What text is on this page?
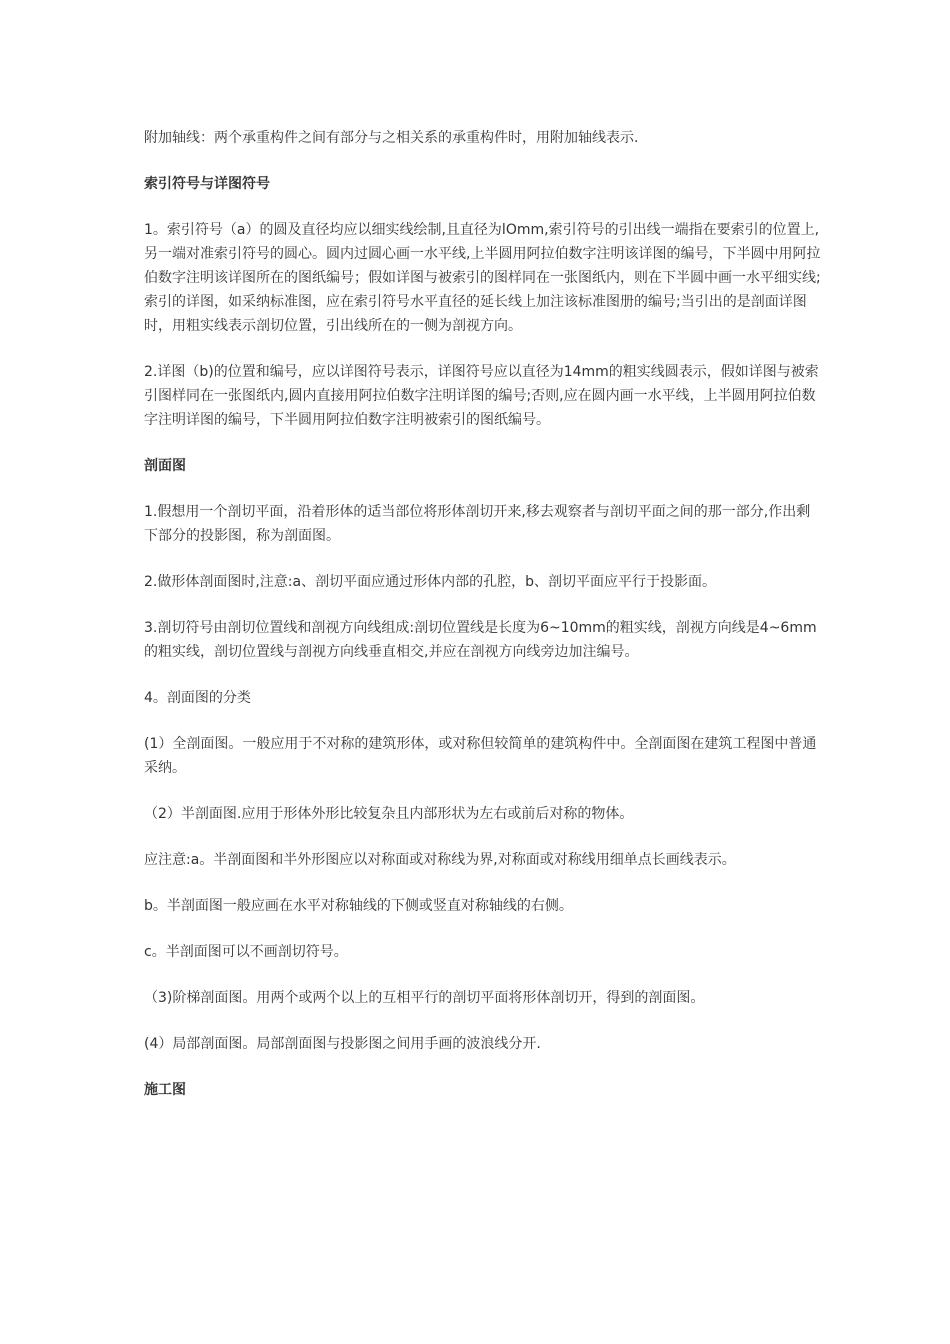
附加轴线：两个承重构件之间有部分与之相关系的承重构件时，用附加轴线表示.

索引符号与详图符号

1。索引符号（a）的圆及直径均应以细实线绘制,且直径为lOmm,索引符号的引出线一端指在要索引的位置上,另一端对准索引符号的圆心。圆内过圆心画一水平线,上半圆用阿拉伯数字注明该详图的编号，下半圆中用阿拉伯数字注明该详图所在的图纸编号；假如详图与被索引的图样同在一张图纸内，则在下半圆中画一水平细实线;索引的详图，如采纳标准图，应在索引符号水平直径的延长线上加注该标准图册的编号;当引出的是剖面详图时，用粗实线表示剖切位置，引出线所在的一侧为剖视方向。

2.详图（b)的位置和编号，应以详图符号表示，详图符号应以直径为14mm的粗实线圆表示，假如详图与被索引图样同在一张图纸内,圆内直接用阿拉伯数字注明详图的编号;否则,应在圆内画一水平线，上半圆用阿拉伯数字注明详图的编号，下半圆用阿拉伯数字注明被索引的图纸编号。

剖面图

1.假想用一个剖切平面，沿着形体的适当部位将形体剖切开来,移去观察者与剖切平面之间的那一部分,作出剩下部分的投影图，称为剖面图。

2.做形体剖面图时,注意:a、剖切平面应通过形体内部的孔腔，b、剖切平面应平行于投影面。

3.剖切符号由剖切位置线和剖视方向线组成:剖切位置线是长度为6~10mm的粗实线，剖视方向线是4~6mm的粗实线，剖切位置线与剖视方向线垂直相交,并应在剖视方向线旁边加注编号。

4。剖面图的分类

(1）全剖面图。一般应用于不对称的建筑形体，或对称但较简单的建筑构件中。全剖面图在建筑工程图中普通采纳。

（2）半剖面图.应用于形体外形比较复杂且内部形状为左右或前后对称的物体。

应注意:a。半剖面图和半外形图应以对称面或对称线为界,对称面或对称线用细单点长画线表示。

b。半剖面图一般应画在水平对称轴线的下侧或竖直对称轴线的右侧。

c。半剖面图可以不画剖切符号。

（3)阶梯剖面图。用两个或两个以上的互相平行的剖切平面将形体剖切开，得到的剖面图。

(4）局部剖面图。局部剖面图与投影图之间用手画的波浪线分开.

施工图
